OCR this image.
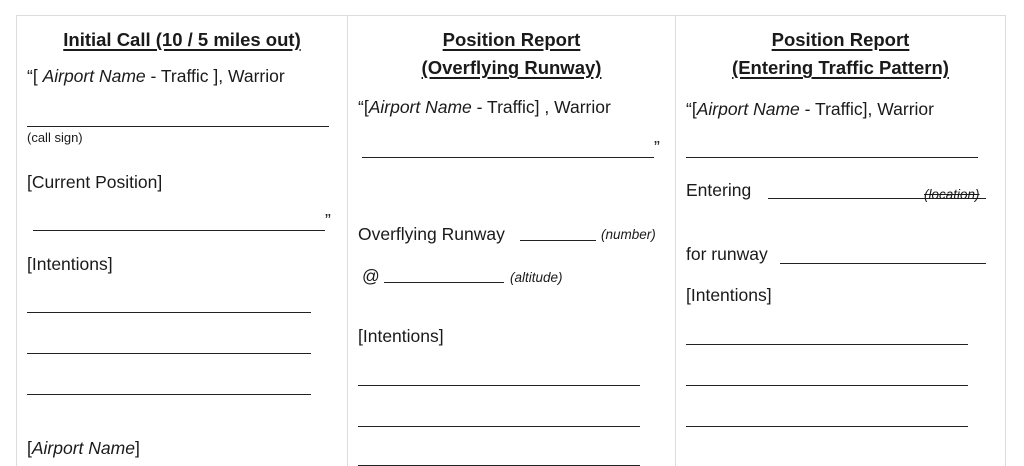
Initial Call (10 / 5 miles out)
“[ Airport Name - Traffic ], Warrior
(call sign)
[Current Position]
”
[Intentions]
[Airport Name]
Position Report
(Overflying Runway)
“[Airport Name - Traffic] , Warrior
”
Overflying Runway	(number)
@	(altitude)
[Intentions]
Position Report
(Entering Traffic Pattern)
“[Airport Name - Traffic], Warrior
Entering	(location)
for runway
[Intentions]
